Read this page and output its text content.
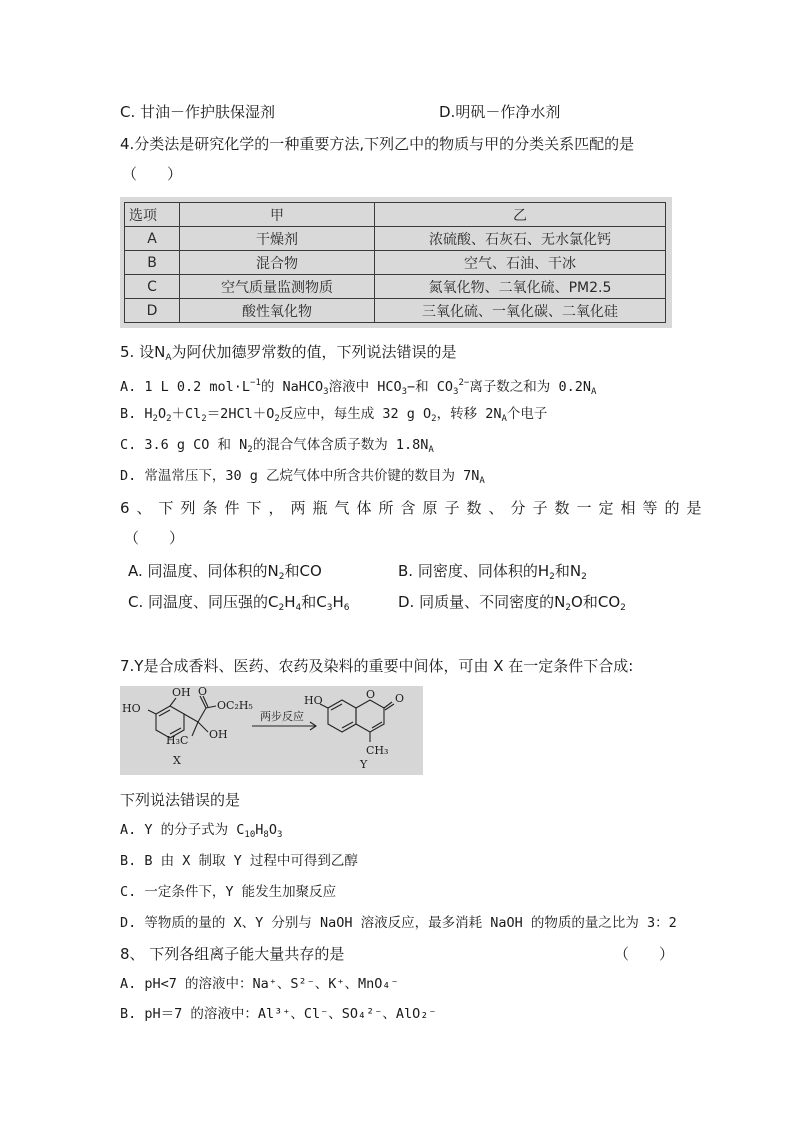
C. 甘油－作护肤保湿剂	D.明矾－作净水剂
4.分类法是研究化学的一种重要方法,下列乙中的物质与甲的分类关系匹配的是
（　　）
选项	甲	乙
A	干燥剂	浓硫酸、石灰石、无水氯化钙
B	混合物	空气、石油、干冰
C	空气质量监测物质	氮氧化物、二氧化硫、PM2.5
D	酸性氧化物	三氧化硫、一氧化碳、二氧化硅
5. 设$N_A$为阿伏加德罗常数的值，下列说法错误的是
A. 1 L 0.2 $mol\cdot L^{-1}$的 NaHCO$_3$溶液中 $HCO_3-$和 $CO_3^{2-}$离子数之和为 $0.2N_A$
B. $H_2O_2+Cl_2=2HCl+O_2$反应中，每生成 32 g $O_2$，转移 $2N_A$个电子
C. 3.6 g CO 和 $N_2$的混合气体含质子数为 $1.8N_A$
D. 常温常压下，30 g 乙烷气体中所含共价键的数目为 $7N_A$
6、下列条件下，两瓶气体所含原子数、分子数一定相等的是
（　　）
A. 同温度、同体积的$N_2$和CO	B. 同密度、同体积的$H_2$和$N_2$
C. 同温度、同压强的$C_2H_4$和$C_3H_6$	D. 同质量、不同密度的$N_2O$和$CO_2$
7.Y是合成香料、医药、农药及染料的重要中间体，可由 X 在一定条件下合成:
HO
OH O
OC₂H₅
OH
H₃C
X
两步反应
HO	O O
CH₃
Y
下列说法错误的是
A. Y 的分子式为 $C_{10}H_8O_3$
B. B 由 X 制取 Y 过程中可得到乙醇
C. 一定条件下，Y 能发生加聚反应
D. 等物质的量的 X、Y 分别与 NaOH 溶液反应，最多消耗 NaOH 的物质的量之比为 3：2
8、 下列各组离子能大量共存的是	（　　）
A. pH<7 的溶液中：Na⁺、S²⁻、K⁺、MnO₄⁻
B. pH＝7 的溶液中：Al³⁺、Cl⁻、SO₄²⁻、AlO₂⁻
